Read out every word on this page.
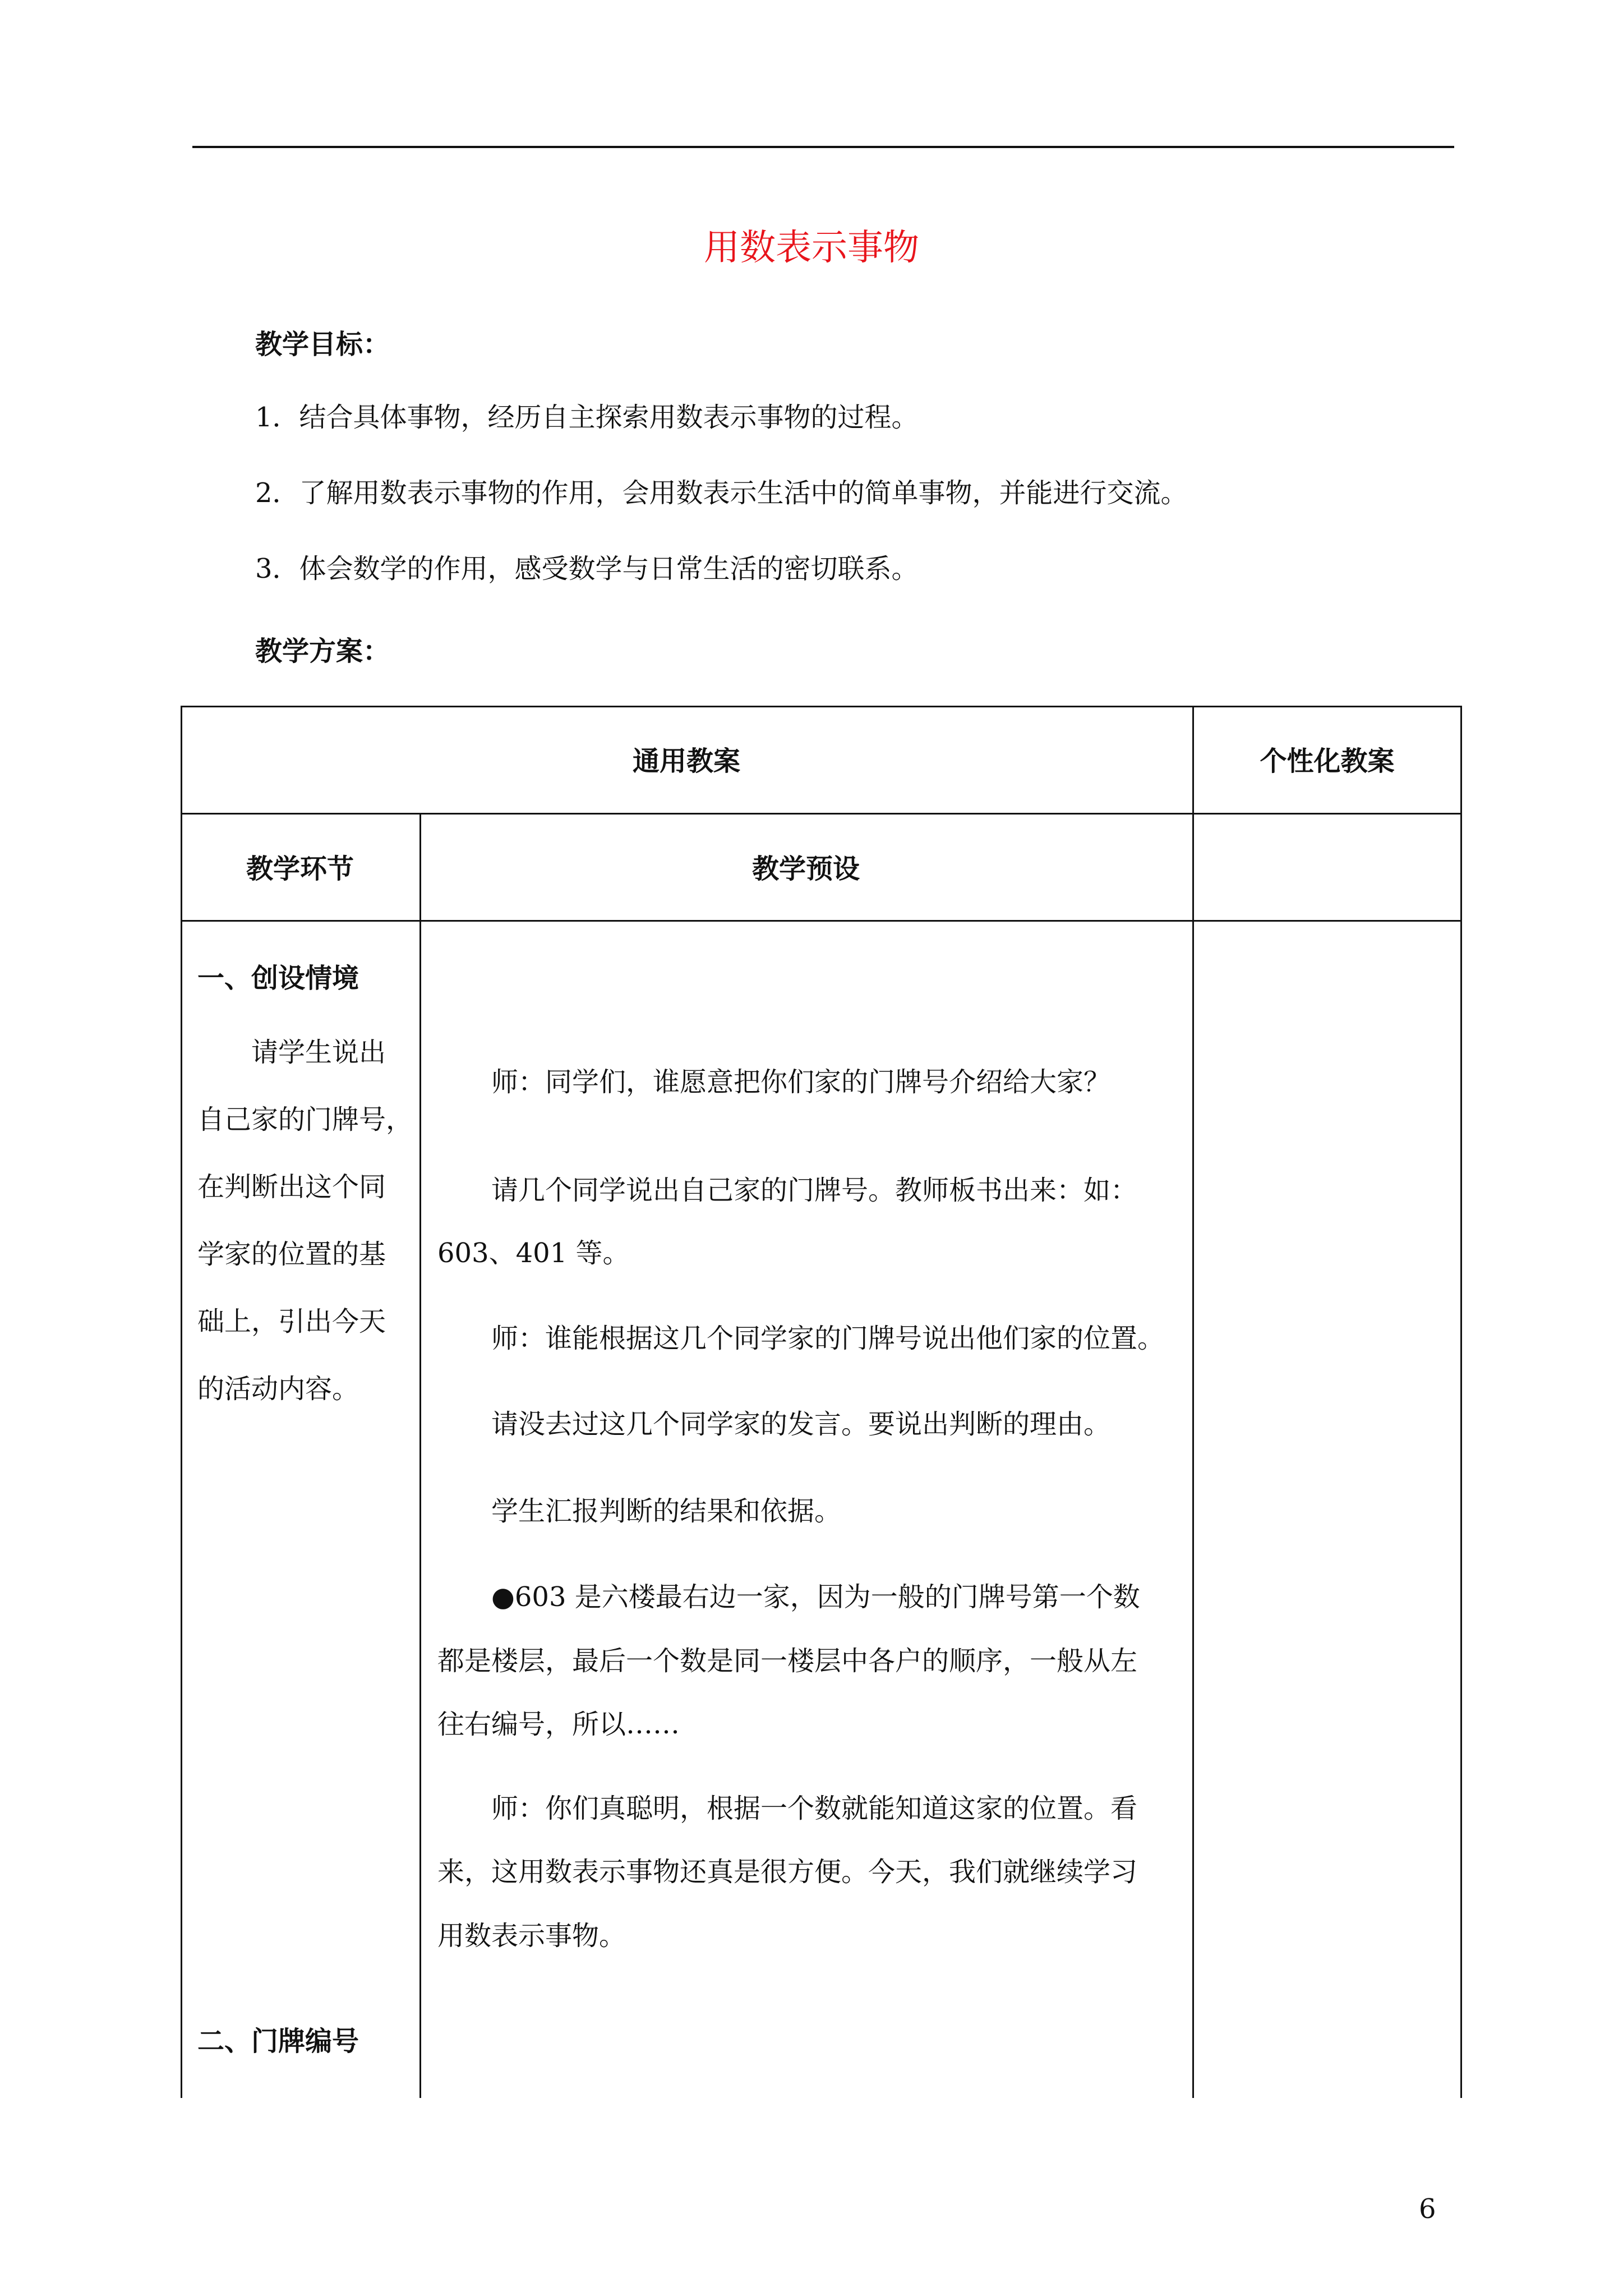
用数表示事物
教学目标：
1．结合具体事物，经历自主探索用数表示事物的过程。
2．了解用数表示事物的作用，会用数表示生活中的简单事物，并能进行交流。
3．体会数学的作用，感受数学与日常生活的密切联系。
教学方案：
通用教案	个性化教案
教学环节	教学预设
一、创设情境
　　请学生说出
自己家的门牌号，
在判断出这个同
学家的位置的基
础上，引出今天
的活动内容。
二、门牌编号
　　师：同学们，谁愿意把你们家的门牌号介绍给大家？
　　请几个同学说出自己家的门牌号。教师板书出来：如：
603、401 等。
　　师：谁能根据这几个同学家的门牌号说出他们家的位置。
　　请没去过这几个同学家的发言。要说出判断的理由。
　　学生汇报判断的结果和依据。
　　●603 是六楼最右边一家，因为一般的门牌号第一个数
都是楼层，最后一个数是同一楼层中各户的顺序，一般从左
往右编号，所以……
　　师：你们真聪明，根据一个数就能知道这家的位置。看
来，这用数表示事物还真是很方便。今天，我们就继续学习
用数表示事物。
6
